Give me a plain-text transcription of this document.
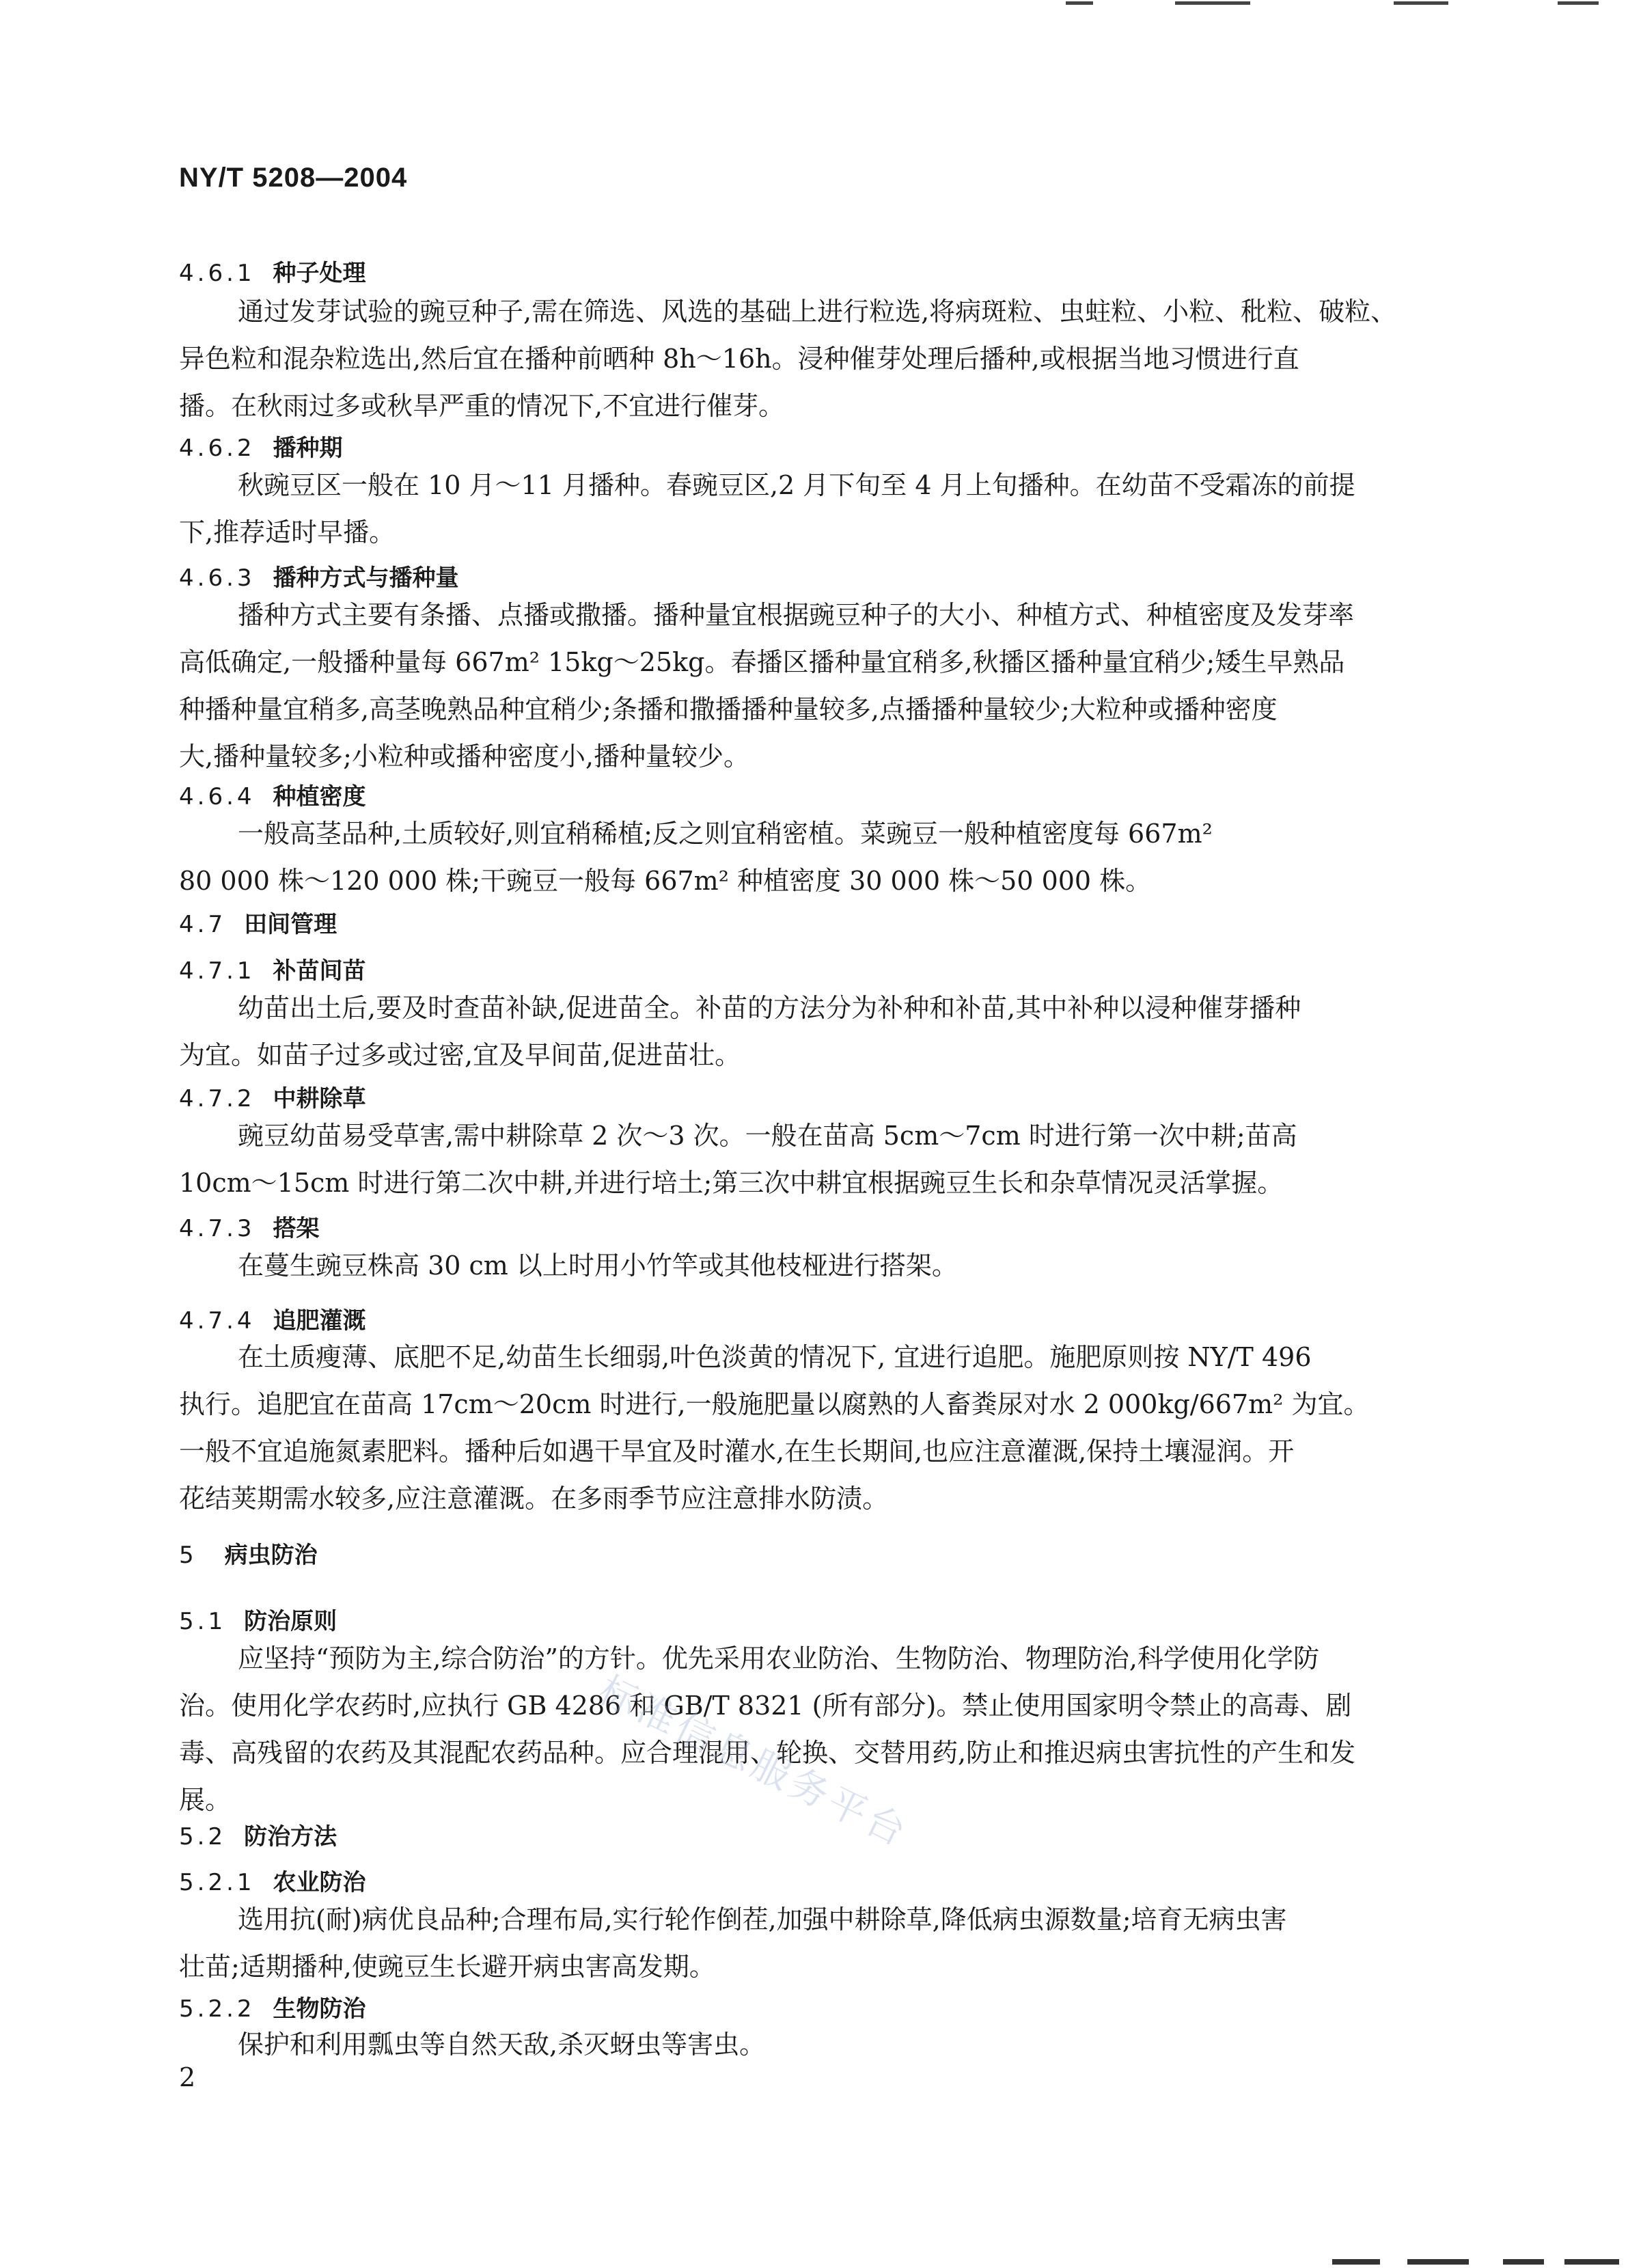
NY/T 5208—2004
4.6.1 种子处理
通过发芽试验的豌豆种子,需在筛选、风选的基础上进行粒选,将病斑粒、虫蛀粒、小粒、秕粒、破粒、
异色粒和混杂粒选出,然后宜在播种前晒种 8h～16h。浸种催芽处理后播种,或根据当地习惯进行直
播。在秋雨过多或秋旱严重的情况下,不宜进行催芽。
4.6.2 播种期
秋豌豆区一般在 10 月～11 月播种。春豌豆区,2 月下旬至 4 月上旬播种。在幼苗不受霜冻的前提
下,推荐适时早播。
4.6.3 播种方式与播种量
播种方式主要有条播、点播或撒播。播种量宜根据豌豆种子的大小、种植方式、种植密度及发芽率
高低确定,一般播种量每 667m² 15kg～25kg。春播区播种量宜稍多,秋播区播种量宜稍少;矮生早熟品
种播种量宜稍多,高茎晚熟品种宜稍少;条播和撒播播种量较多,点播播种量较少;大粒种或播种密度
大,播种量较多;小粒种或播种密度小,播种量较少。
4.6.4 种植密度
一般高茎品种,土质较好,则宜稍稀植;反之则宜稍密植。菜豌豆一般种植密度每 667m²
80 000 株～120 000 株;干豌豆一般每 667m² 种植密度 30 000 株～50 000 株。
4.7 田间管理
4.7.1 补苗间苗
幼苗出土后,要及时查苗补缺,促进苗全。补苗的方法分为补种和补苗,其中补种以浸种催芽播种
为宜。如苗子过多或过密,宜及早间苗,促进苗壮。
4.7.2 中耕除草
豌豆幼苗易受草害,需中耕除草 2 次～3 次。一般在苗高 5cm～7cm 时进行第一次中耕;苗高
10cm～15cm 时进行第二次中耕,并进行培土;第三次中耕宜根据豌豆生长和杂草情况灵活掌握。
4.7.3 搭架
在蔓生豌豆株高 30 cm 以上时用小竹竿或其他枝桠进行搭架。
4.7.4 追肥灌溉
在土质瘦薄、底肥不足,幼苗生长细弱,叶色淡黄的情况下, 宜进行追肥。施肥原则按 NY/T 496
执行。追肥宜在苗高 17cm～20cm 时进行,一般施肥量以腐熟的人畜粪尿对水 2 000kg/667m² 为宜。
一般不宜追施氮素肥料。播种后如遇干旱宜及时灌水,在生长期间,也应注意灌溉,保持土壤湿润。开
花结荚期需水较多,应注意灌溉。在多雨季节应注意排水防渍。
5 病虫防治
5.1 防治原则
应坚持“预防为主,综合防治”的方针。优先采用农业防治、生物防治、物理防治,科学使用化学防
治。使用化学农药时,应执行 GB 4286 和 GB/T 8321 (所有部分)。禁止使用国家明令禁止的高毒、剧
毒、高残留的农药及其混配农药品种。应合理混用、轮换、交替用药,防止和推迟病虫害抗性的产生和发
展。
5.2 防治方法
5.2.1 农业防治
选用抗(耐)病优良品种;合理布局,实行轮作倒茬,加强中耕除草,降低病虫源数量;培育无病虫害
壮苗;适期播种,使豌豆生长避开病虫害高发期。
5.2.2 生物防治
保护和利用瓢虫等自然天敌,杀灭蚜虫等害虫。
标准信息服务平台
2
